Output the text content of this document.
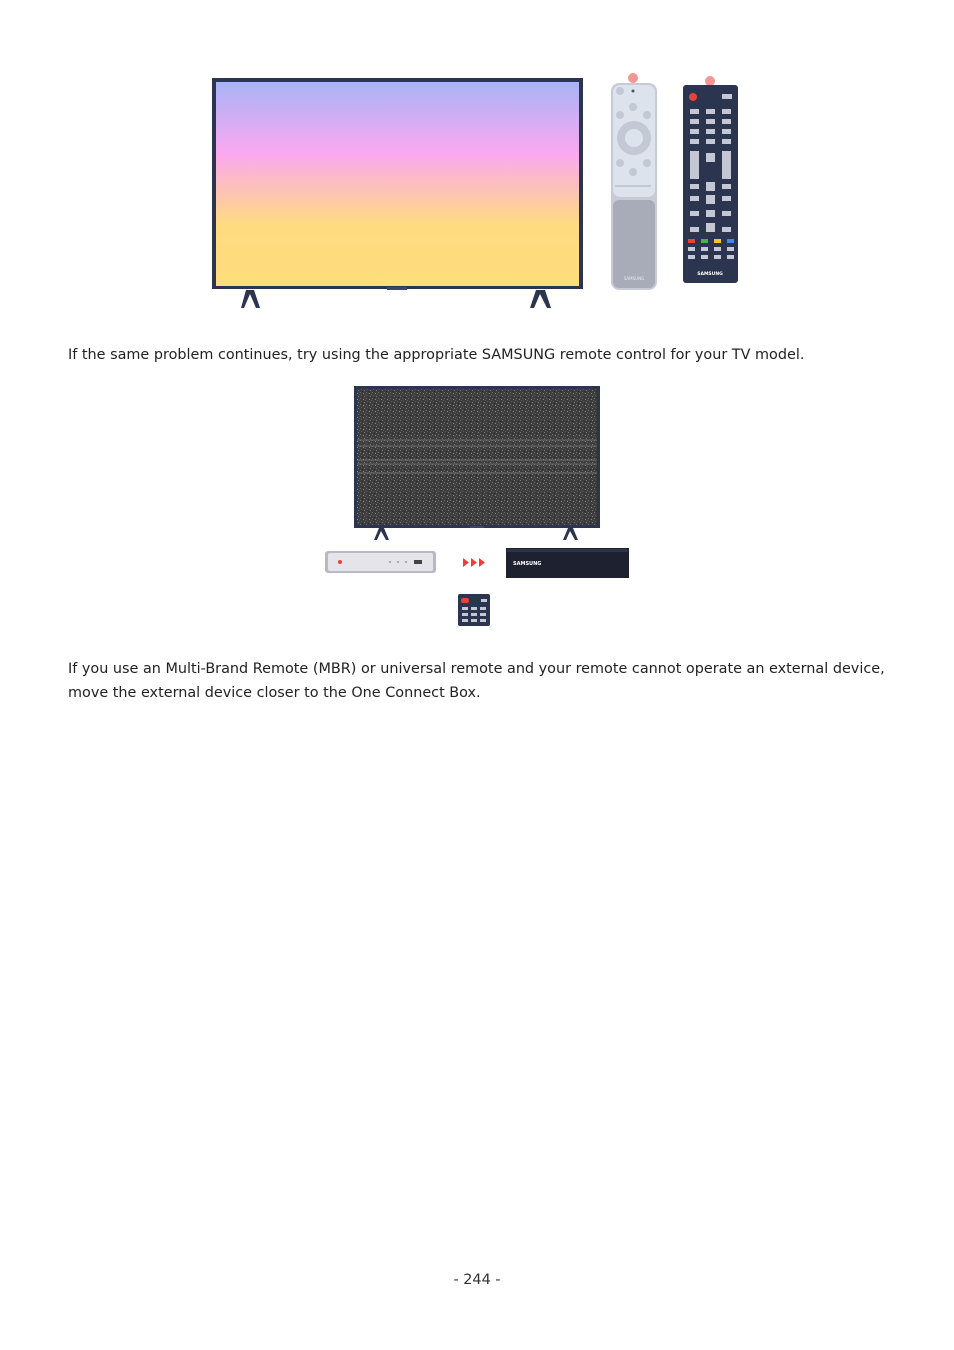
SAMSUNG
SAMSUNG

If the same problem continues, try using the appropriate SAMSUNG remote control for your TV model.

SAMSUNG

If you use an Multi-Brand Remote (MBR) or universal remote and your remote cannot operate an external device, move the external device closer to the One Connect Box.

- 244 -
